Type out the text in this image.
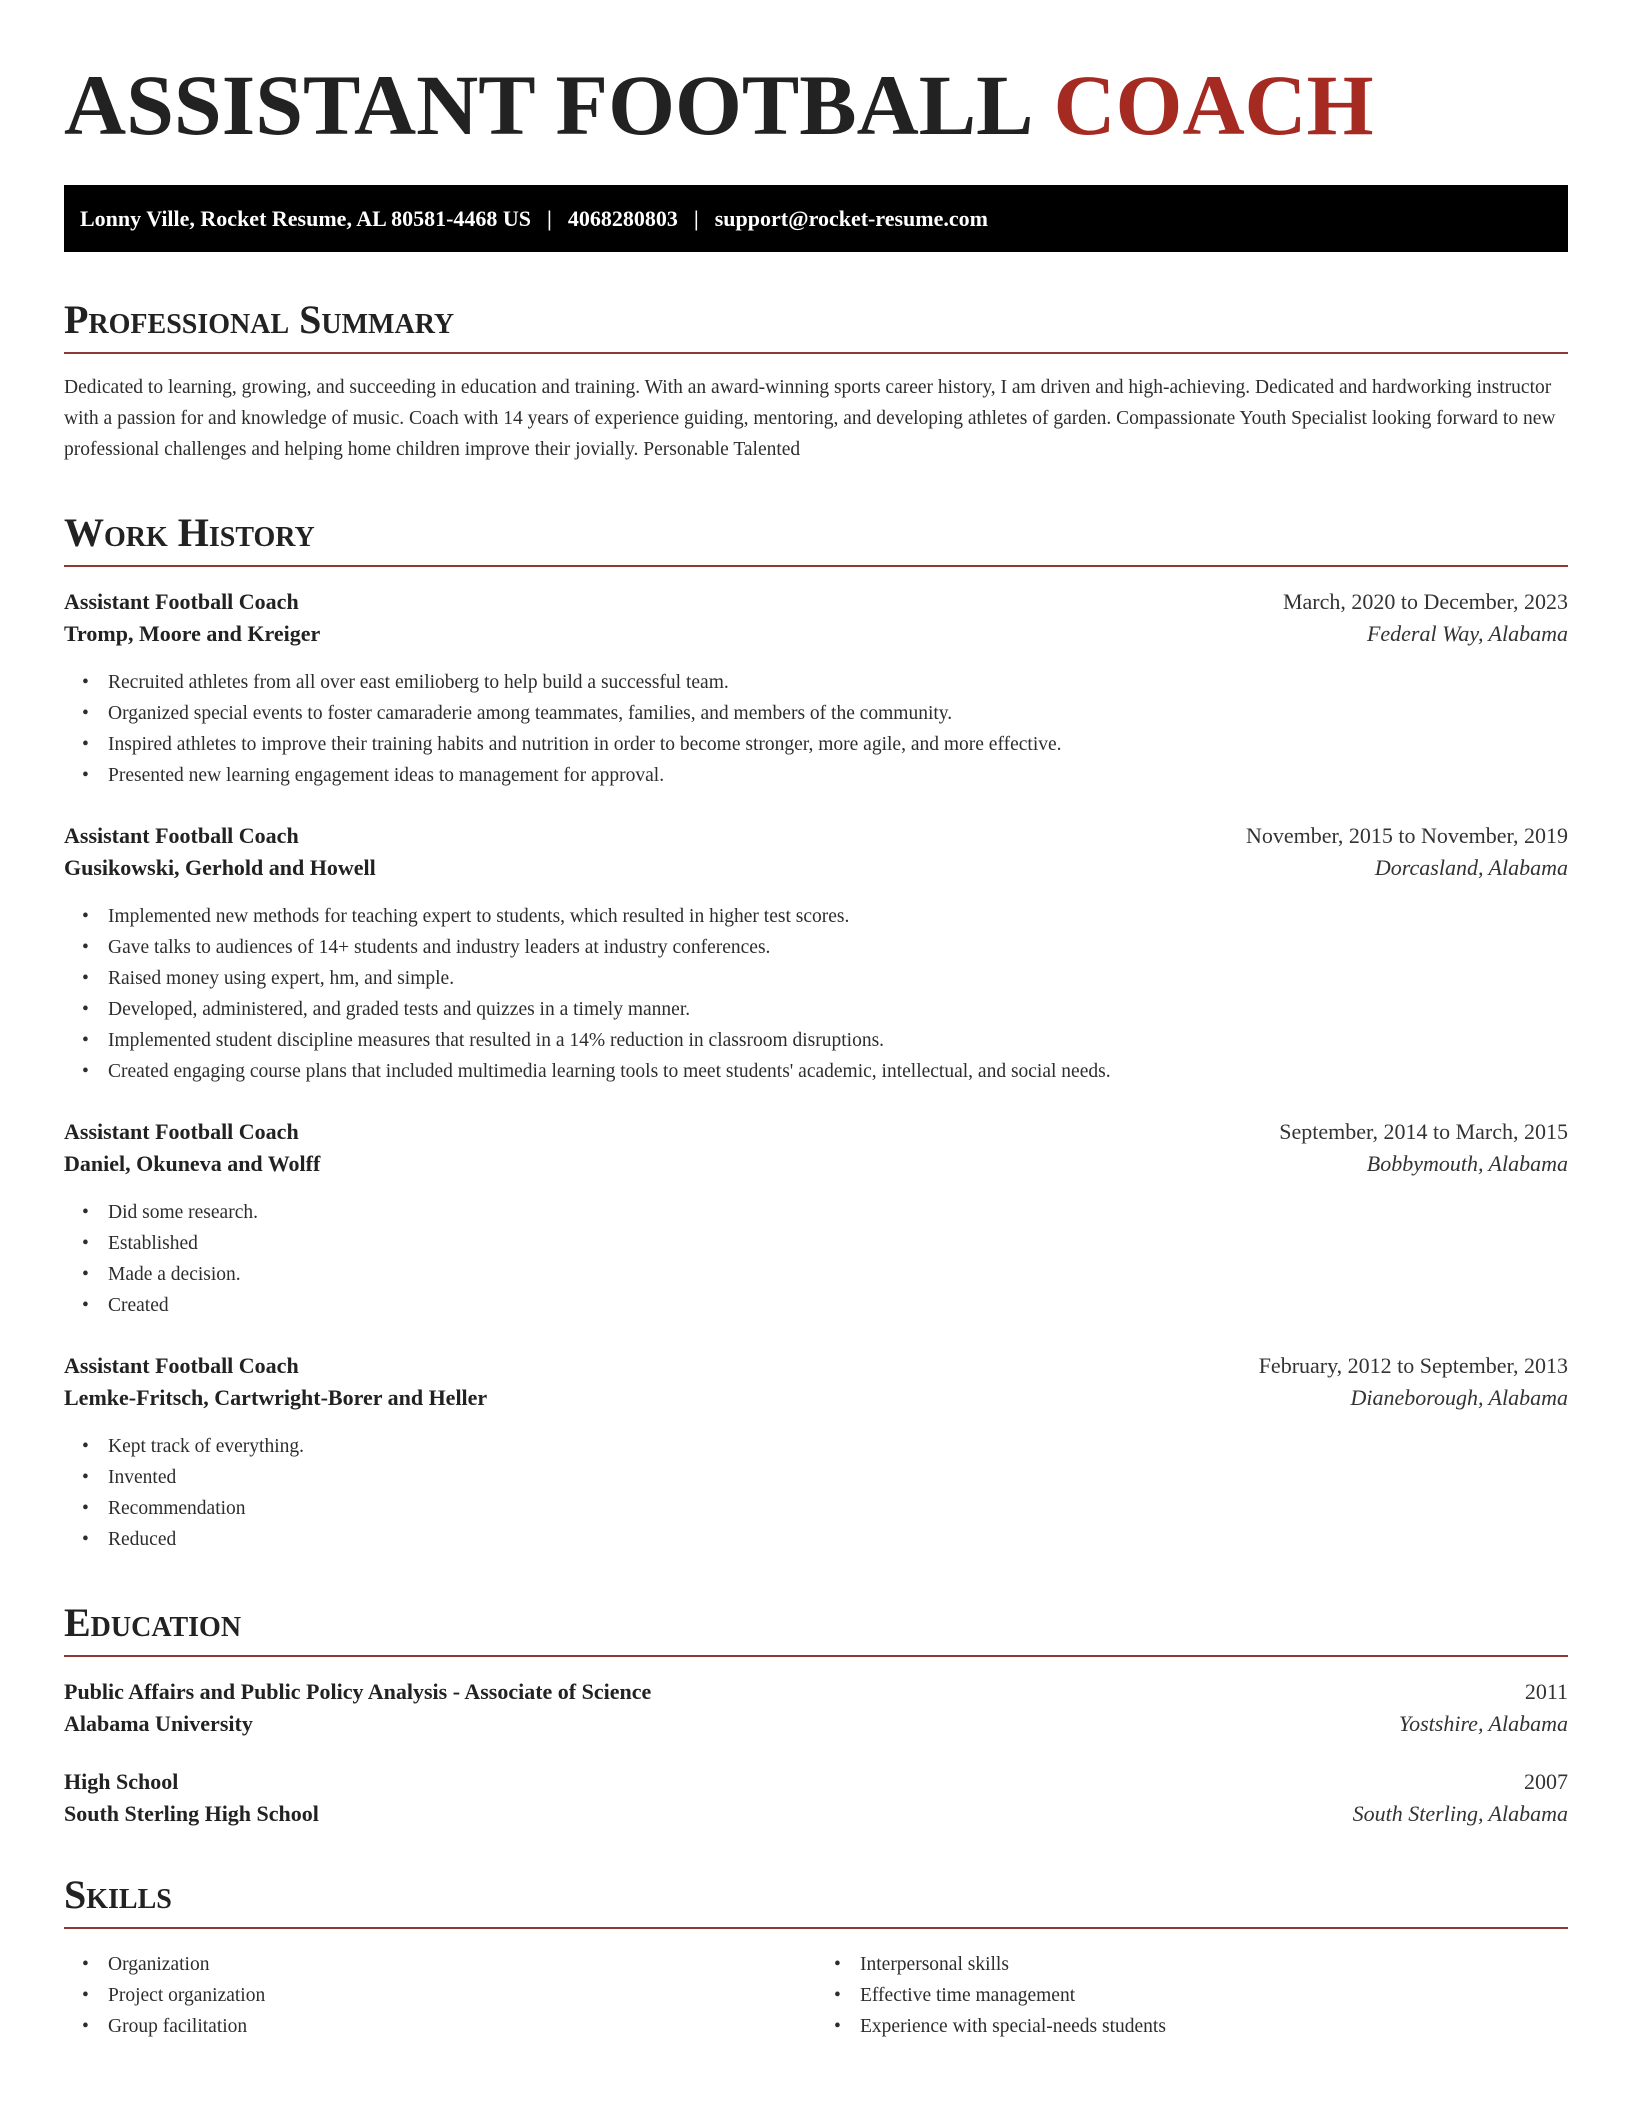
ASSISTANT FOOTBALL COACH
Lonny Ville, Rocket Resume, AL 80581-4468 US | 4068280803 | support@rocket-resume.com
Professional Summary
Dedicated to learning, growing, and succeeding in education and training. With an award-winning sports career history, I am driven and high-achieving. Dedicated and hardworking instructor with a passion for and knowledge of music. Coach with 14 years of experience guiding, mentoring, and developing athletes of garden. Compassionate Youth Specialist looking forward to new professional challenges and helping home children improve their jovially. Personable Talented
Work History
Assistant Football Coach	March, 2020 to December, 2023
Tromp, Moore and Kreiger	Federal Way, Alabama
• Recruited athletes from all over east emilioberg to help build a successful team.
• Organized special events to foster camaraderie among teammates, families, and members of the community.
• Inspired athletes to improve their training habits and nutrition in order to become stronger, more agile, and more effective.
• Presented new learning engagement ideas to management for approval.
Assistant Football Coach	November, 2015 to November, 2019
Gusikowski, Gerhold and Howell	Dorcasland, Alabama
• Implemented new methods for teaching expert to students, which resulted in higher test scores.
• Gave talks to audiences of 14+ students and industry leaders at industry conferences.
• Raised money using expert, hm, and simple.
• Developed, administered, and graded tests and quizzes in a timely manner.
• Implemented student discipline measures that resulted in a 14% reduction in classroom disruptions.
• Created engaging course plans that included multimedia learning tools to meet students' academic, intellectual, and social needs.
Assistant Football Coach	September, 2014 to March, 2015
Daniel, Okuneva and Wolff	Bobbymouth, Alabama
• Did some research.
• Established
• Made a decision.
• Created
Assistant Football Coach	February, 2012 to September, 2013
Lemke-Fritsch, Cartwright-Borer and Heller	Dianeborough, Alabama
• Kept track of everything.
• Invented
• Recommendation
• Reduced
Education
Public Affairs and Public Policy Analysis - Associate of Science	2011
Alabama University	Yostshire, Alabama
High School	2007
South Sterling High School	South Sterling, Alabama
Skills
• Organization
• Project organization
• Group facilitation
• Interpersonal skills
• Effective time management
• Experience with special-needs students
